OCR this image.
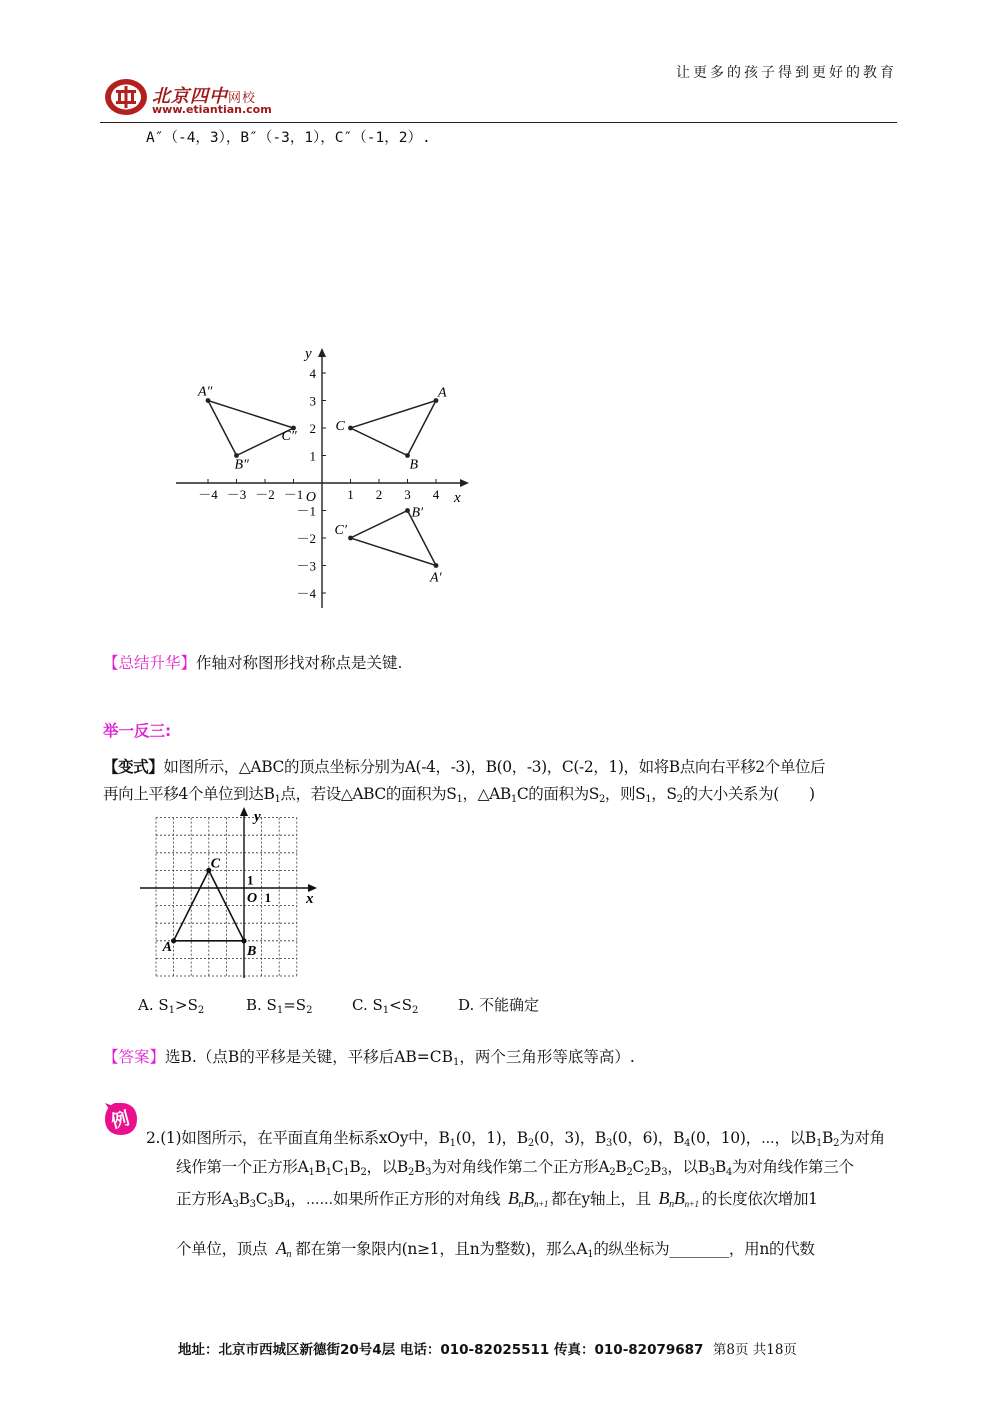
北京四中网校
www.etiantian.com
让更多的孩子得到更好的教育
A″（-4，3），B″（-3，1），C″（-1，2）.
x
y
O
－4 －3 －2 －1	1 2 3 4
4
3
2
1
－1
－2
－3
－4
A
B
C
A′
B′
C′
A″
B″
C″
【总结升华】作轴对称图形找对称点是关键.
举一反三:
【变式】如图所示，△ABC的顶点坐标分别为A(-4，-3)，B(0，-3)，C(-2，1)，如将B点向右平移2个单位后
再向上平移4个单位到达$B_1$点，若设△ABC的面积为$S_1$，$\triangle AB_1C$的面积为$S_2$，则$S_1$，$S_2$的大小关系为(　　)
x
y
O 1
1
A	B
C
A. $S_1>S_2$	B. $S_1=S_2$	C. $S_1<S_2$	D. 不能确定
【答案】选B.（点B的平移是关键，平移后$AB=CB_1$，两个三角形等底等高）.
例
2.(1)如图所示，在平面直角坐标系xOy中，$B_1(0$，1)，$B_2(0$，3)，$B_3(0$，6)，$B_4(0$，10)，⋯，以$B_1B_2$为对角
线作第一个正方形$A_1B_1C_1B_2$，以$B_2B_3$为对角线作第二个正方形$A_2B_2C_2B_3$，以$B_3B_4$为对角线作第三个
正方形$A_3B_3C_3B_4$，⋯⋯如果所作正方形的对角线 $B_nB_{n+1}$ 都在y轴上，且 $B_nB_{n+1}$ 的长度依次增加1
个单位，顶点 $A_n$ 都在第一象限内(n≥1，且n为整数)，那么$A_1$的纵坐标为________，用n的代数
地址：北京市西城区新德街20号4层 电话：010-82025511 传真：010-82079687 第8页 共18页
